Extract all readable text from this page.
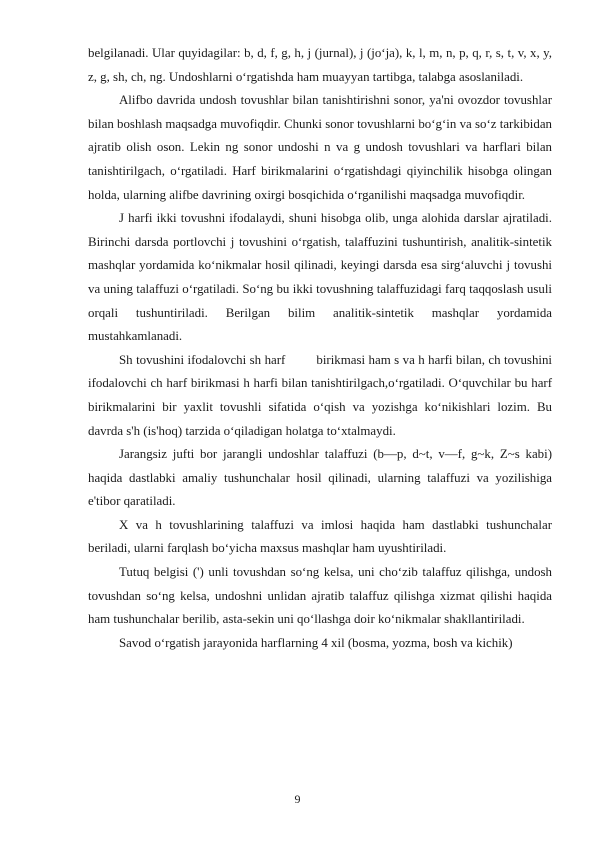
belgilanadi. Ular quyidagilar: b, d, f, g, h, j (jurnal), j (jo‘ja), k, l, m, n, p, q, r, s, t, v, x, y, z, g, sh, ch, ng. Undoshlarni o‘rgatishda ham muayyan tartibga, talabga asoslaniladi.

Alifbo davrida undosh tovushlar bilan tanishtirishni sonor, ya'ni ovozdor tovushlar bilan boshlash maqsadga muvofiqdir. Chunki sonor tovushlarni bo‘g‘in va so‘z tarkibidan ajratib olish oson. Lekin ng sonor undoshi n va g undosh tovushlari va harflari bilan tanishtirilgach, o‘rgatiladi. Harf birikmalarini o‘rgatishdagi qiyinchilik hisobga olingan holda, ularning alifbe davrining oxirgi bosqichida o‘rganilishi maqsadga muvofiqdir.

J harfi ikki tovushni ifodalaydi, shuni hisobga olib, unga alohida darslar ajratiladi. Birinchi darsda portlovchi j tovushini o‘rgatish, talaffuzini tushuntirish, analitik-sintetik mashqlar yordamida ko‘nikmalar hosil qilinadi, keyingi darsda esa sirg‘aluvchi j tovushi va uning talaffuzi o‘rgatiladi. So‘ng bu ikki tovushning talaffuzidagi farq taqqoslash usuli orqali tushuntiriladi. Berilgan bilim analitik-sintetik mashqlar yordamida mustahkamlanadi.

Sh tovushini ifodalovchi sh harf         birikmasi ham s va h harfi bilan, ch tovushini ifodalovchi ch harf birikmasi h harfi bilan tanishtirilgach,o‘rgatiladi. O‘quvchilar bu harf birikmalarini bir yaxlit tovushli sifatida o‘qish va yozishga ko‘nikishlari lozim. Bu davrda s'h (is'hoq) tarzida o‘qiladigan holatga to‘xtalmaydi.

Jarangsiz jufti bor jarangli undoshlar talaffuzi (b—p, d~t, v—f, g~k, Z~s kabi) haqida dastlabki amaliy tushunchalar hosil qilinadi, ularning talaffuzi va yozilishiga e'tibor qaratiladi.

X va h tovushlarining talaffuzi va imlosi haqida ham dastlabki tushunchalar beriladi, ularni farqlash bo‘yicha maxsus mashqlar ham uyushtiriladi.

Tutuq belgisi (') unli tovushdan so‘ng kelsa, uni cho‘zib talaffuz qilishga, undosh tovushdan so‘ng kelsa, undoshni unlidan ajratib talaffuz qilishga xizmat qilishi haqida ham tushunchalar berilib, asta-sekin uni qo‘llashga doir ko‘nikmalar shakllantiriladi.

Savod o‘rgatish jarayonida harflarning 4 xil (bosma, yozma, bosh va kichik)

9
